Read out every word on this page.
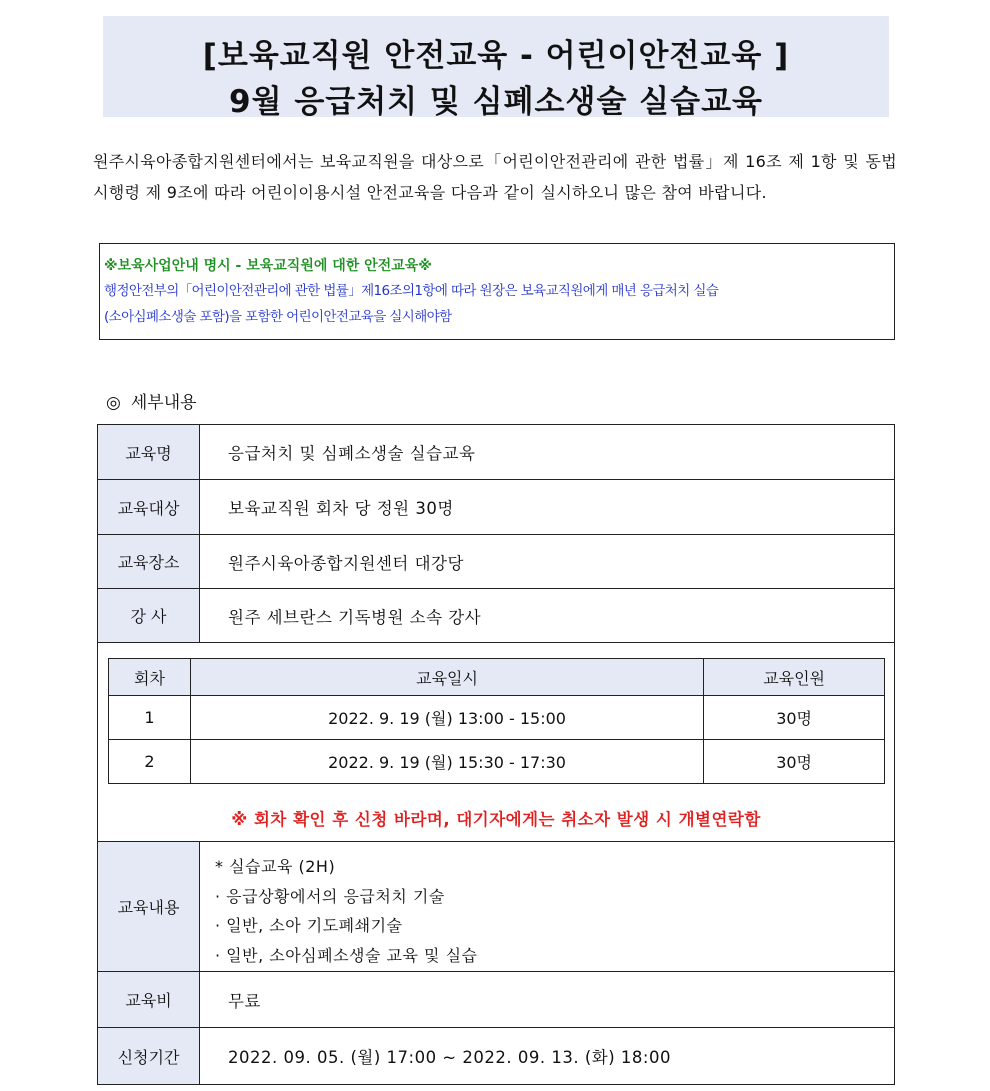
[보육교직원 안전교육 - 어린이안전교육 ]
9월 응급처치 및 심폐소생술 실습교육
원주시육아종합지원센터에서는 보육교직원을 대상으로「어린이안전관리에 관한 법률」제 16조 제 1항 및 동법 시행령 제 9조에 따라 어린이이용시설 안전교육을 다음과 같이 실시하오니 많은 참여 바랍니다.
※보육사업안내 명시 - 보육교직원에 대한 안전교육※
행정안전부의「어린이안전관리에 관한 법률」제16조의1항에 따라 원장은 보육교직원에게 매년 응급처치 실습
(소아심폐소생술 포함)을 포함한 어린이안전교육을 실시해야함
◎ 세부내용
교육명	응급처치 및 심폐소생술 실습교육
교육대상	보육교직원 회차 당 정원 30명
교육장소	원주시육아종합지원센터 대강당
강 사	원주 세브란스 기독병원 소속 강사
회차	교육일시	교육인원
1	2022. 9. 19 (월) 13:00 - 15:00	30명
2	2022. 9. 19 (월) 15:30 - 17:30	30명
※ 회차 확인 후 신청 바라며, 대기자에게는 취소자 발생 시 개별연락함
교육내용
* 실습교육 (2H)
· 응급상황에서의 응급처치 기술
· 일반, 소아 기도폐쇄기술
· 일반, 소아심폐소생술 교육 및 실습
교육비	무료
신청기간	2022. 09. 05. (월) 17:00 ~ 2022. 09. 13. (화) 18:00
